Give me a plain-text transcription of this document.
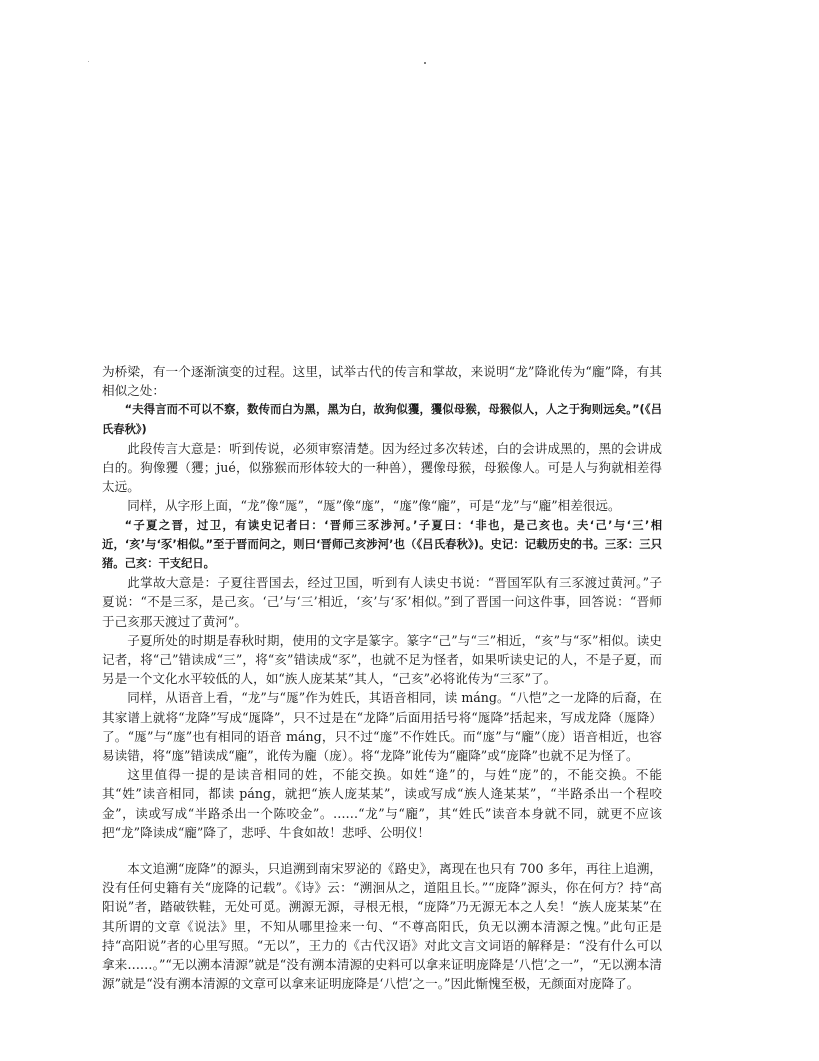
为桥梁，有一个逐渐演变的过程。这里，试举古代的传言和掌故，来说明“龙”降讹传为“龐”降，有其相似之处：

“夫得言而不可以不察，数传而白为黑，黑为白，故狗似玃，玃似母猴，母猴似人，人之于狗则远矣。”(《吕氏春秋》)

此段传言大意是：听到传说，必须审察清楚。因为经过多次转述，白的会讲成黑的，黑的会讲成白的。狗像玃（玃；jué，似猕猴而形体较大的一种兽），玃像母猴，母猴像人。可是人与狗就相差得太远。

同样，从字形上面，“龙”像“厖”，“厖”像“庬”，“庬”像“龐”，可是“龙”与“龐”相差很远。

“子夏之晋，过卫，有读史记者曰：‘晋师三豕涉河。’子夏曰：‘非也，是己亥也。夫‘己’与‘三’相近，‘亥’与‘豕’相似。”至于晋而问之，则曰‘晋师己亥涉河’也（《吕氏春秋》)。史记：记载历史的书。三豕：三只猪。己亥：干支纪日。

此掌故大意是：子夏往晋国去，经过卫国，听到有人读史书说：“晋国军队有三豕渡过黄河。”子夏说：“不是三豕，是己亥。‘己’与‘三’相近，‘亥’与‘豕’相似。”到了晋国一问这件事，回答说：“晋师于己亥那天渡过了黄河”。

子夏所处的时期是春秋时期，使用的文字是篆字。篆字“己”与“三”相近，“亥”与“豕”相似。读史记者，将“己”错读成“三”，将“亥”错读成“豕”，也就不足为怪者，如果听读史记的人，不是子夏，而另是一个文化水平较低的人，如“族人庞某某”其人，“己亥”必将讹传为“三豕”了。

同样，从语音上看，“龙”与“厖”作为姓氏，其语音相同，读 máng。“八恺”之一龙降的后裔，在其家谱上就将“龙降”写成“厖降”，只不过是在“龙降”后面用括号将“厖降”括起来，写成龙降（厖降）了。“厖”与“庬”也有相同的语音 máng，只不过“庬”不作姓氏。而“庬”与“龐”（庞）语音相近，也容易读错，将“庬”错读成“龐”，讹传为龐（庞）。将“龙降”讹传为“龐降”或“庞降”也就不足为怪了。

这里值得一提的是读音相同的姓，不能交换。如姓“逄”的，与姓“庞”的，不能交换。不能其“姓”读音相同，都读 páng，就把“族人庞某某”，读或写成“族人逄某某”，“半路杀出一个程咬金”，读或写成“半路杀出一个陈咬金”。……“龙”与“龐”，其“姓氏”读音本身就不同，就更不应该把“龙”降读成“龐”降了，悲呼、牛食如故！悲呼、公明仪！

本文追溯“庞降”的源头，只追溯到南宋罗泌的《路史》，离现在也只有 700 多年，再往上追溯，没有任何史籍有关“庞降的记载”。《诗》云：“溯洄从之，道阻且长。”“庞降”源头，你在何方？持“高阳说”者，踏破铁鞋，无处可觅。溯源无源，寻根无根，“庞降”乃无源无本之人矣！“族人庞某某”在其所谓的文章《说法》里，不知从哪里捡来一句、“不尊高阳氏，负无以溯本清源之愧。”此句正是持“高阳说”者的心里写照。“无以”，王力的《古代汉语》对此文言文词语的解释是：“没有什么可以拿来……。”“无以溯本清源”就是“没有溯本清源的史料可以拿来证明庞降是‘八恺’之一”，“无以溯本清源”就是“没有溯本清源的文章可以拿来证明庞降是‘八恺’之一。”因此惭愧至极，无颜面对庞降了。
